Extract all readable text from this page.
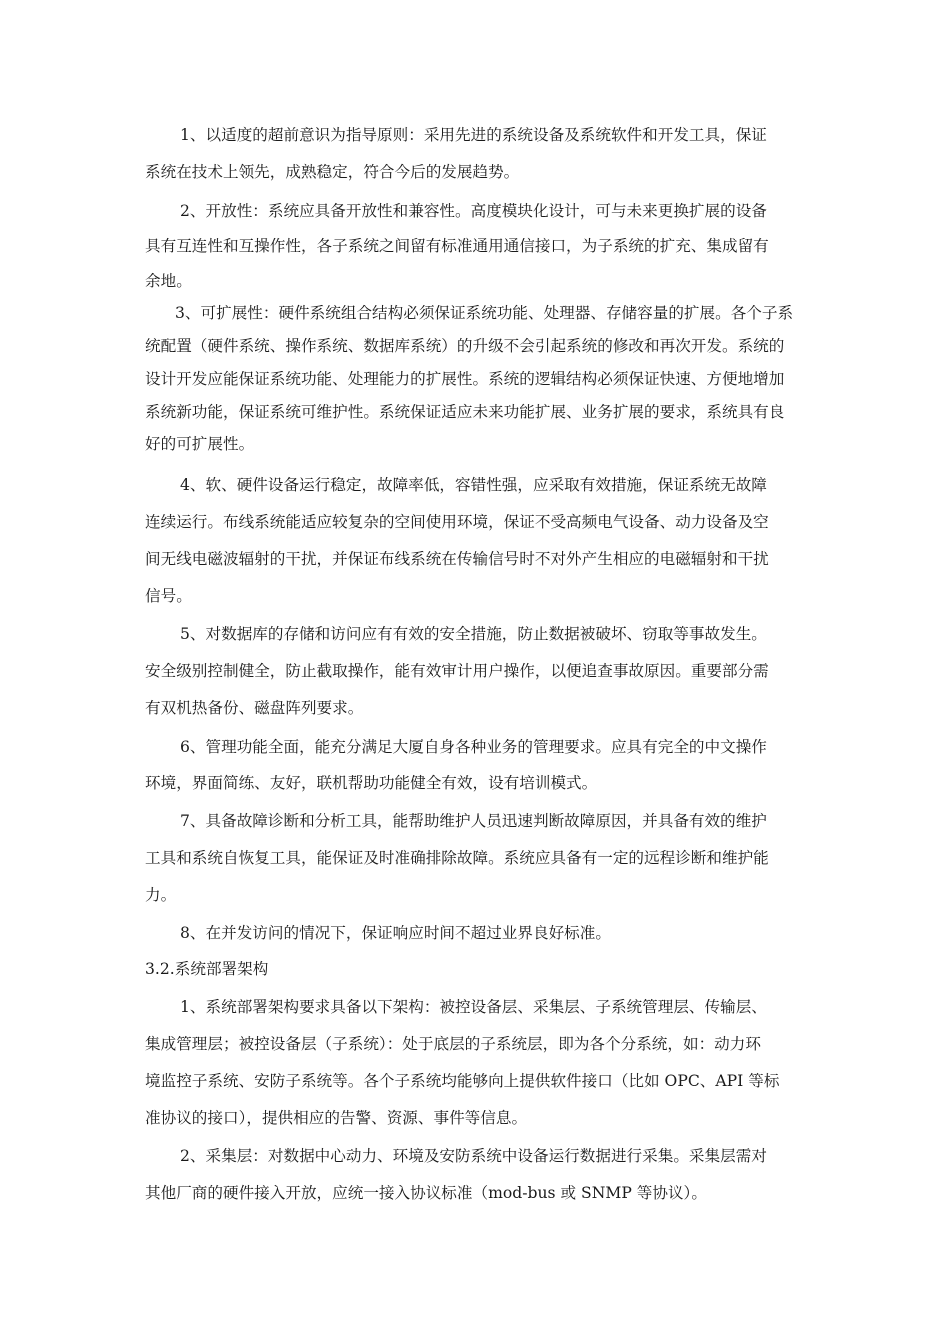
1、以适度的超前意识为指导原则：采用先进的系统设备及系统软件和开发工具，保证
系统在技术上领先，成熟稳定，符合今后的发展趋势。
2、开放性：系统应具备开放性和兼容性。高度模块化设计，可与未来更换扩展的设备
具有互连性和互操作性，各子系统之间留有标准通用通信接口，为子系统的扩充、集成留有
余地。
3、可扩展性：硬件系统组合结构必须保证系统功能、处理器、存储容量的扩展。各个子系
统配置（硬件系统、操作系统、数据库系统）的升级不会引起系统的修改和再次开发。系统的
设计开发应能保证系统功能、处理能力的扩展性。系统的逻辑结构必须保证快速、方便地增加
系统新功能，保证系统可维护性。系统保证适应未来功能扩展、业务扩展的要求，系统具有良
好的可扩展性。
4、软、硬件设备运行稳定，故障率低，容错性强，应采取有效措施，保证系统无故障
连续运行。布线系统能适应较复杂的空间使用环境，保证不受高频电气设备、动力设备及空
间无线电磁波辐射的干扰，并保证布线系统在传输信号时不对外产生相应的电磁辐射和干扰
信号。
5、对数据库的存储和访问应有有效的安全措施，防止数据被破坏、窃取等事故发生。
安全级别控制健全，防止截取操作，能有效审计用户操作，以便追查事故原因。重要部分需
有双机热备份、磁盘阵列要求。
6、管理功能全面，能充分满足大厦自身各种业务的管理要求。应具有完全的中文操作
环境，界面简练、友好，联机帮助功能健全有效，设有培训模式。
7、具备故障诊断和分析工具，能帮助维护人员迅速判断故障原因，并具备有效的维护
工具和系统自恢复工具，能保证及时准确排除故障。系统应具备有一定的远程诊断和维护能
力。
8、在并发访问的情况下，保证响应时间不超过业界良好标准。
3.2.系统部署架构
1、系统部署架构要求具备以下架构：被控设备层、采集层、子系统管理层、传输层、
集成管理层；被控设备层（子系统）：处于底层的子系统层，即为各个分系统，如：动力环
境监控子系统、安防子系统等。各个子系统均能够向上提供软件接口（比如 OPC、API 等标
准协议的接口），提供相应的告警、资源、事件等信息。
2、采集层：对数据中心动力、环境及安防系统中设备运行数据进行采集。采集层需对
其他厂商的硬件接入开放，应统一接入协议标准（mod-bus 或 SNMP 等协议）。
